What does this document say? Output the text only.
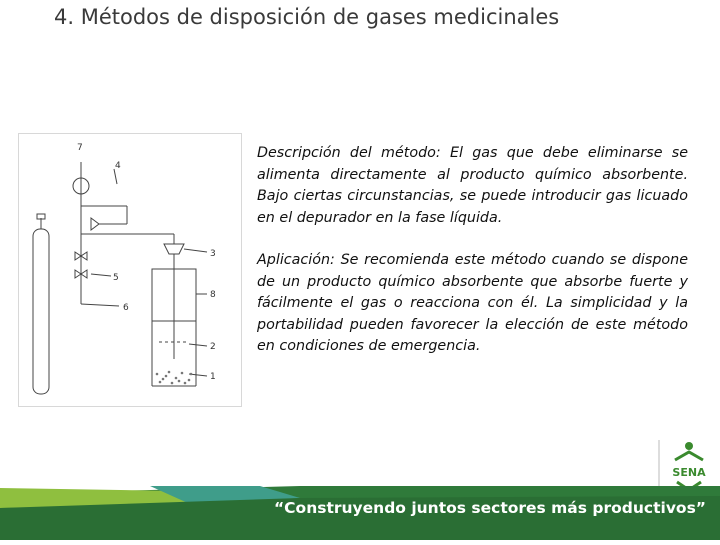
4. Métodos de disposición de gases medicinales
7
4
3
5
8
6
2
1

Descripción del método: El gas que debe eliminarse se alimenta directamente al producto químico absorbente. Bajo ciertas circunstancias, se puede introducir gas licuado en el depurador en la fase líquida.

Aplicación: Se recomienda este método cuando se dispone de un producto químico absorbente que absorbe fuerte y fácilmente el gas o reacciona con él. La simplicidad y la portabilidad pueden favorecer la elección de este método en condiciones de emergencia.

SENA
“Construyendo juntos sectores más productivos”
